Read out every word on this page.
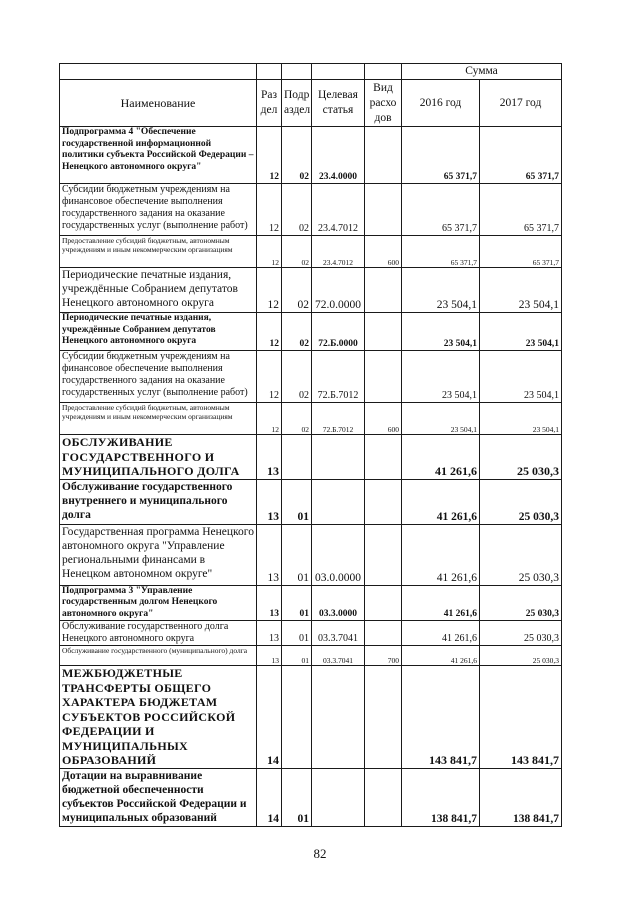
					Сумма	
Наименование	Раз дел	Подр аздел	Целевая статья	Вид расхо дов	2016 год	2017 год
Подпрограмма 4 "Обеспечение государственной информационной политики субъекта Российской Федерации – Ненецкого автономного округа"	12	02	23.4.0000		65 371,7	65 371,7
Субсидии бюджетным учреждениям на финансовое обеспечение выполнения государственного задания на оказание государственных услуг (выполнение работ)	12	02	23.4.7012		65 371,7	65 371,7
Предоставление субсидий бюджетным, автономным учреждениям и иным некоммерческим организациям	12	02	23.4.7012	600	65 371,7	65 371,7
Периодические печатные издания, учреждённые Собранием депутатов Ненецкого автономного округа	12	02	72.0.0000		23 504,1	23 504,1
Периодические печатные издания, учреждённые Собранием депутатов Ненецкого автономного округа	12	02	72.Б.0000		23 504,1	23 504,1
Субсидии бюджетным учреждениям на финансовое обеспечение выполнения государственного задания на оказание государственных услуг (выполнение работ)	12	02	72.Б.7012		23 504,1	23 504,1
Предоставление субсидий бюджетным, автономным учреждениям и иным некоммерческим организациям	12	02	72.Б.7012	600	23 504,1	23 504,1
ОБСЛУЖИВАНИЕ ГОСУДАРСТВЕННОГО И МУНИЦИПАЛЬНОГО ДОЛГА	13				41 261,6	25 030,3
Обслуживание государственного внутреннего и муниципального долга	13	01			41 261,6	25 030,3
Государственная программа Ненецкого автономного округа "Управление региональными финансами в Ненецком автономном округе"	13	01	03.0.0000		41 261,6	25 030,3
Подпрограмма 3 "Управление государственным долгом Ненецкого автономного округа"	13	01	03.3.0000		41 261,6	25 030,3
Обслуживание государственного долга Ненецкого автономного округа	13	01	03.3.7041		41 261,6	25 030,3
Обслуживание государственного (муниципального) долга	13	01	03.3.7041	700	41 261,6	25 030,3
МЕЖБЮДЖЕТНЫЕ ТРАНСФЕРТЫ ОБЩЕГО ХАРАКТЕРА БЮДЖЕТАМ СУБЪЕКТОВ РОССИЙСКОЙ ФЕДЕРАЦИИ И МУНИЦИПАЛЬНЫХ ОБРАЗОВАНИЙ	14				143 841,7	143 841,7
Дотации на выравнивание бюджетной обеспеченности субъектов Российской Федерации и муниципальных образований	14	01			138 841,7	138 841,7
82
